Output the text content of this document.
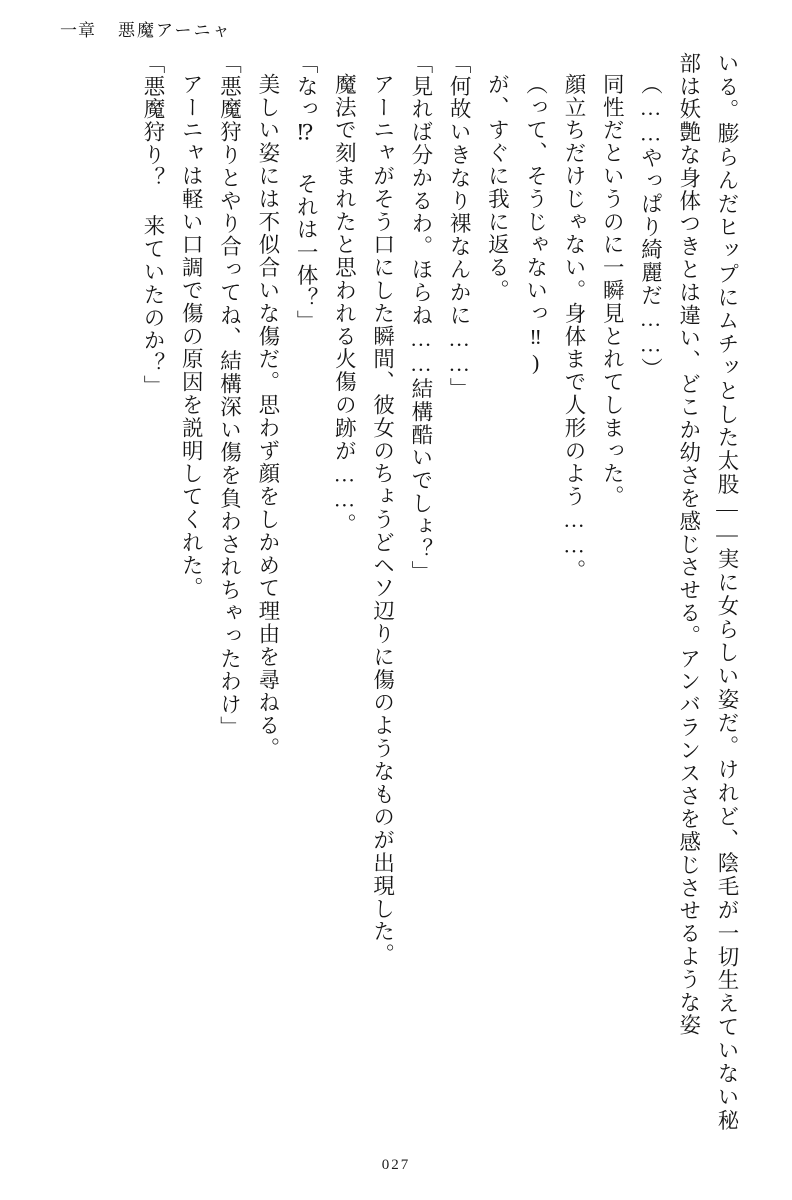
一章 悪魔アーニャ

いる。膨らんだヒップにムチッとした太股――実に女らしい姿だ。けれど、陰毛が一切生えていない秘部は妖艶な身体つきとは違い、どこか幼さを感じさせる。アンバランスさを感じさせるような姿

（……やっぱり綺麗だ……）

同性だというのに一瞬見とれてしまった。

顔立ちだけじゃない。身体まで人形のよう……。

（って、そうじゃないっ‼)

が、すぐに我に返る。

「何故いきなり裸なんかに……」

「見れば分かるわ。ほらね……結構酷いでしょ？」

アーニャがそう口にした瞬間、彼女のちょうどヘソ辺りに傷のようなものが出現した。

魔法で刻まれたと思われる火傷の跡が……。

「なっ⁉ それは一体？」

美しい姿には不似合いな傷だ。思わず顔をしかめて理由を尋ねる。

「悪魔狩りとやり合ってね、結構深い傷を負わされちゃったわけ」

アーニャは軽い口調で傷の原因を説明してくれた。

「悪魔狩り？ 来ていたのか？」

027
